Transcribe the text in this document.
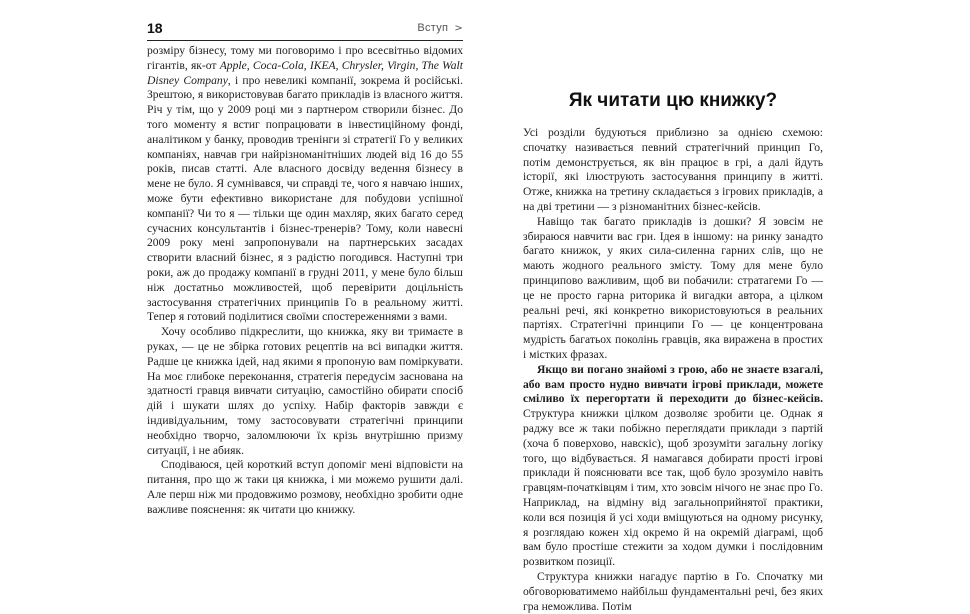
18	Вступ >

розміру бізнесу, тому ми поговоримо і про всесвітньо відомих гігантів, як-от Apple, Coca-Cola, IKEA, Chrysler, Virgin, The Walt Disney Company, і про невеликі компанії, зокрема й російські. Зрештою, я використовував багато прикладів із власного життя. Річ у тім, що у 2009 році ми з партнером створили бізнес. До того моменту я встиг попрацювати в інвестиційному фонді, аналітиком у банку, проводив тренінги зі стратегії Го у великих компаніях, навчав гри найрізноманітніших людей від 16 до 55 років, писав статті. Але власного досвіду ведення бізнесу в мене не було. Я сумнівався, чи справді те, чого я навчаю інших, може бути ефективно використане для побудови успішної компанії? Чи то я — тільки ще один махляр, яких багато серед сучасних консультантів і бізнес-тренерів? Тому, коли навесні 2009 року мені запропонували на партнерських засадах створити власний бізнес, я з радістю погодився. Наступні три роки, аж до продажу компанії в грудні 2011, у мене було більш ніж достатньо можливостей, щоб перевірити доцільність застосування стратегічних принципів Го в реальному житті. Тепер я готовий поділитися своїми спостереженнями з вами.

Хочу особливо підкреслити, що книжка, яку ви тримаєте в руках, — це не збірка готових рецептів на всі випадки життя. Радше це книжка ідей, над якими я пропоную вам поміркувати. На моє глибоке переконання, стратегія передусім заснована на здатності гравця вивчати ситуацію, самостійно обирати спосіб дій і шукати шлях до успіху. Набір факторів завжди є індивідуальним, тому застосовувати стратегічні принципи необхідно творчо, заломлюючи їх крізь внутрішню призму ситуації, і не абияк.

Сподіваюся, цей короткий вступ допоміг мені відповісти на питання, про що ж таки ця книжка, і ми можемо рушити далі. Але перш ніж ми продовжимо розмову, необхідно зробити одне важливе пояснення: як читати цю книжку.

Як читати цю книжку?

Усі розділи будуються приблизно за однією схемою: спочатку називається певний стратегічний принцип Го, потім демонструється, як він працює в грі, а далі йдуть історії, які ілюструють застосування принципу в житті. Отже, книжка на третину складається з ігрових прикладів, а на дві третини — з різноманітних бізнес-кейсів.

Навіщо так багато прикладів із дошки? Я зовсім не збираюся навчити вас гри. Ідея в іншому: на ринку занадто багато книжок, у яких сила-силенна гарних слів, що не мають жодного реального змісту. Тому для мене було принципово важливим, щоб ви побачили: стратагеми Го — це не просто гарна риторика й вигадки автора, а цілком реальні речі, які конкретно використовуються в реальних партіях. Стратегічні принципи Го — це концентрована мудрість багатьох поколінь гравців, яка виражена в простих і містких фразах.

Якщо ви погано знайомі з грою, або не знаєте взагалі, або вам просто нудно вивчати ігрові приклади, можете сміливо їх перегортати й переходити до бізнес-кейсів. Структура книжки цілком дозволяє зробити це. Однак я раджу все ж таки побіжно переглядати приклади з партій (хоча б поверхово, навскіс), щоб зрозуміти загальну логіку того, що відбувається. Я намагався добирати прості ігрові приклади й пояснювати все так, щоб було зрозуміло навіть гравцям-початківцям і тим, хто зовсім нічого не знає про Го. Наприклад, на відміну від загальноприйнятої практики, коли вся позиція й усі ходи вміщуються на одному рисунку, я розглядаю кожен хід окремо й на окремій діаграмі, щоб вам було простіше стежити за ходом думки і послідовним розвитком позиції.

Структура книжки нагадує партію в Го. Спочатку ми обговорюватимемо найбільш фундаментальні речі, без яких гра неможлива. Потім
